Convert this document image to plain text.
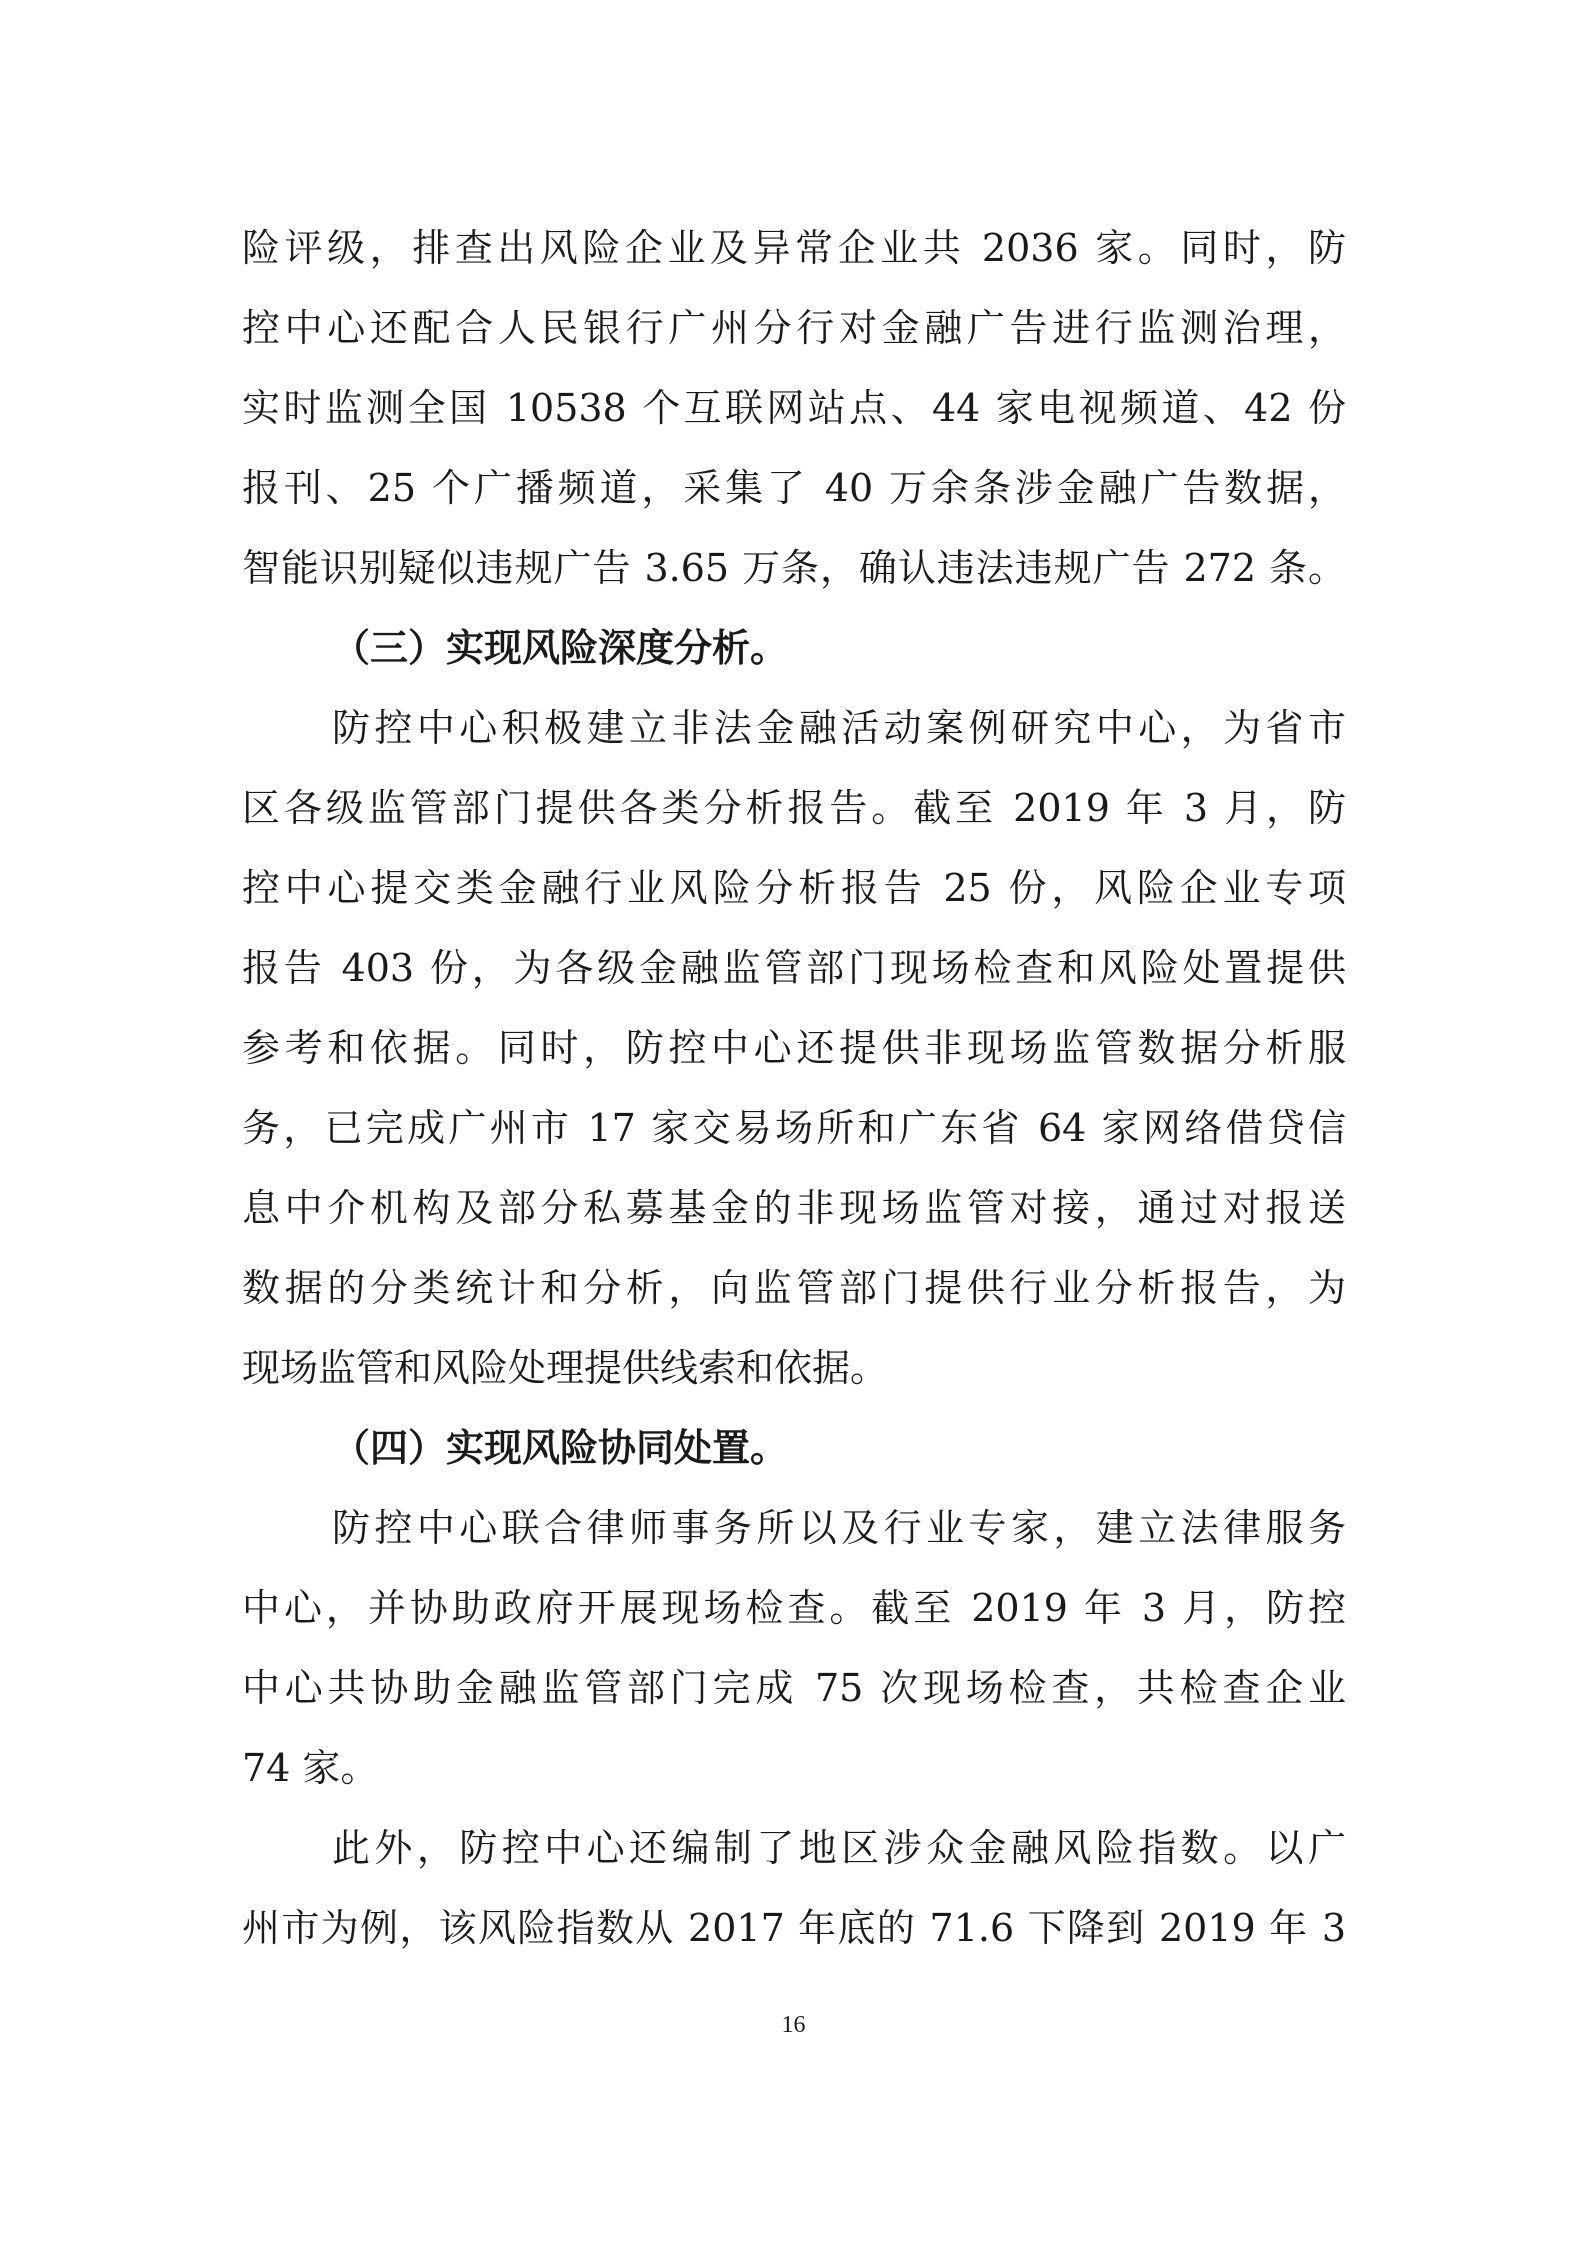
险评级，排查出风险企业及异常企业共 2036 家。同时，防
控中心还配合人民银行广州分行对金融广告进行监测治理，
实时监测全国 10538 个互联网站点、44 家电视频道、42 份
报刊、25 个广播频道，采集了 40 万余条涉金融广告数据，
智能识别疑似违规广告 3.65 万条，确认违法违规广告 272 条。
（三）实现风险深度分析。
防控中心积极建立非法金融活动案例研究中心，为省市
区各级监管部门提供各类分析报告。截至 2019 年 3 月，防
控中心提交类金融行业风险分析报告 25 份，风险企业专项
报告 403 份，为各级金融监管部门现场检查和风险处置提供
参考和依据。同时，防控中心还提供非现场监管数据分析服
务，已完成广州市 17 家交易场所和广东省 64 家网络借贷信
息中介机构及部分私募基金的非现场监管对接，通过对报送
数据的分类统计和分析，向监管部门提供行业分析报告，为
现场监管和风险处理提供线索和依据。
（四）实现风险协同处置。
防控中心联合律师事务所以及行业专家，建立法律服务
中心，并协助政府开展现场检查。截至 2019 年 3 月，防控
中心共协助金融监管部门完成 75 次现场检查，共检查企业
74 家。
此外，防控中心还编制了地区涉众金融风险指数。以广
州市为例，该风险指数从 2017 年底的 71.6 下降到 2019 年 3
16
